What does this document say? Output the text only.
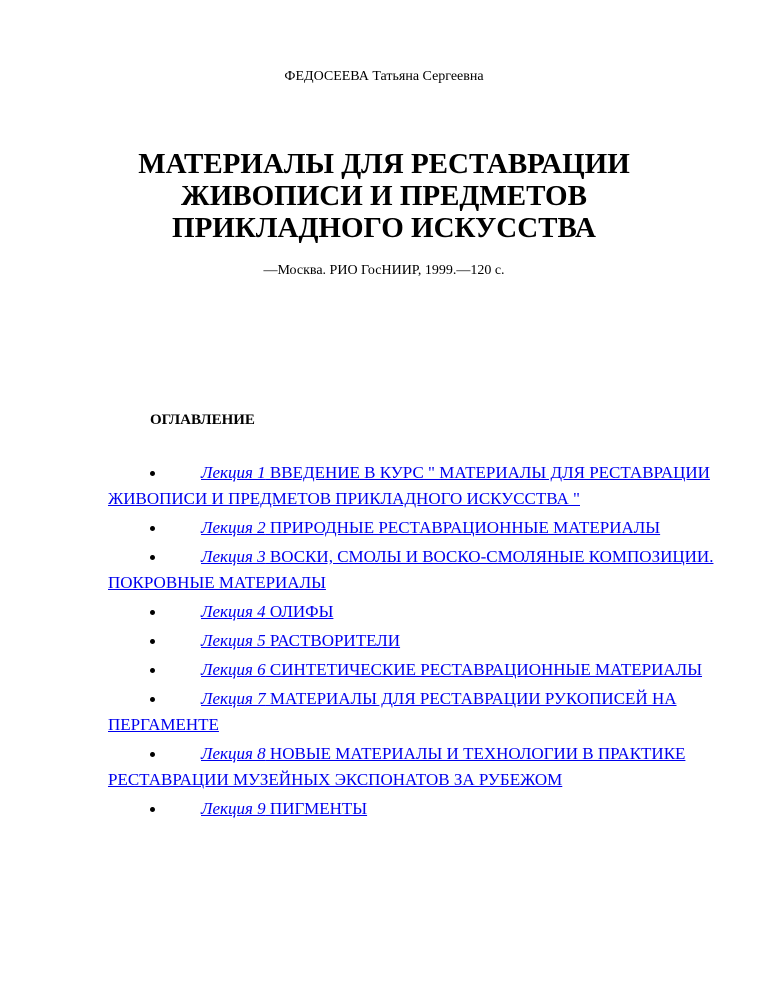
ФЕДОСЕЕВА Татьяна Сергеевна
МАТЕРИАЛЫ ДЛЯ РЕСТАВРАЦИИ
ЖИВОПИСИ И ПРЕДМЕТОВ
ПРИКЛАДНОГО ИСКУССТВА
—Москва. РИО ГосНИИР, 1999.—120 с.
ОГЛАВЛЕНИЕ
Лекция 1 ВВЕДЕНИЕ В КУРС " МАТЕРИАЛЫ ДЛЯ РЕСТАВРАЦИИ ЖИВОПИСИ И ПРЕДМЕТОВ ПРИКЛАДНОГО ИСКУССТВА "
Лекция 2 ПРИРОДНЫЕ РЕСТАВРАЦИОННЫЕ МАТЕРИАЛЫ
Лекция 3 ВОСКИ, СМОЛЫ И ВОСКО-СМОЛЯНЫЕ КОМПОЗИЦИИ. ПОКРОВНЫЕ МАТЕРИАЛЫ
Лекция 4 ОЛИФЫ
Лекция 5 РАСТВОРИТЕЛИ
Лекция 6 СИНТЕТИЧЕСКИЕ РЕСТАВРАЦИОННЫЕ МАТЕРИАЛЫ
Лекция 7 МАТЕРИАЛЫ ДЛЯ РЕСТАВРАЦИИ РУКОПИСЕЙ НА ПЕРГАМЕНТЕ
Лекция 8 НОВЫЕ МАТЕРИАЛЫ И ТЕХНОЛОГИИ В ПРАКТИКЕ РЕСТАВРАЦИИ МУЗЕЙНЫХ ЭКСПОНАТОВ ЗА РУБЕЖОМ
Лекция 9 ПИГМЕНТЫ
